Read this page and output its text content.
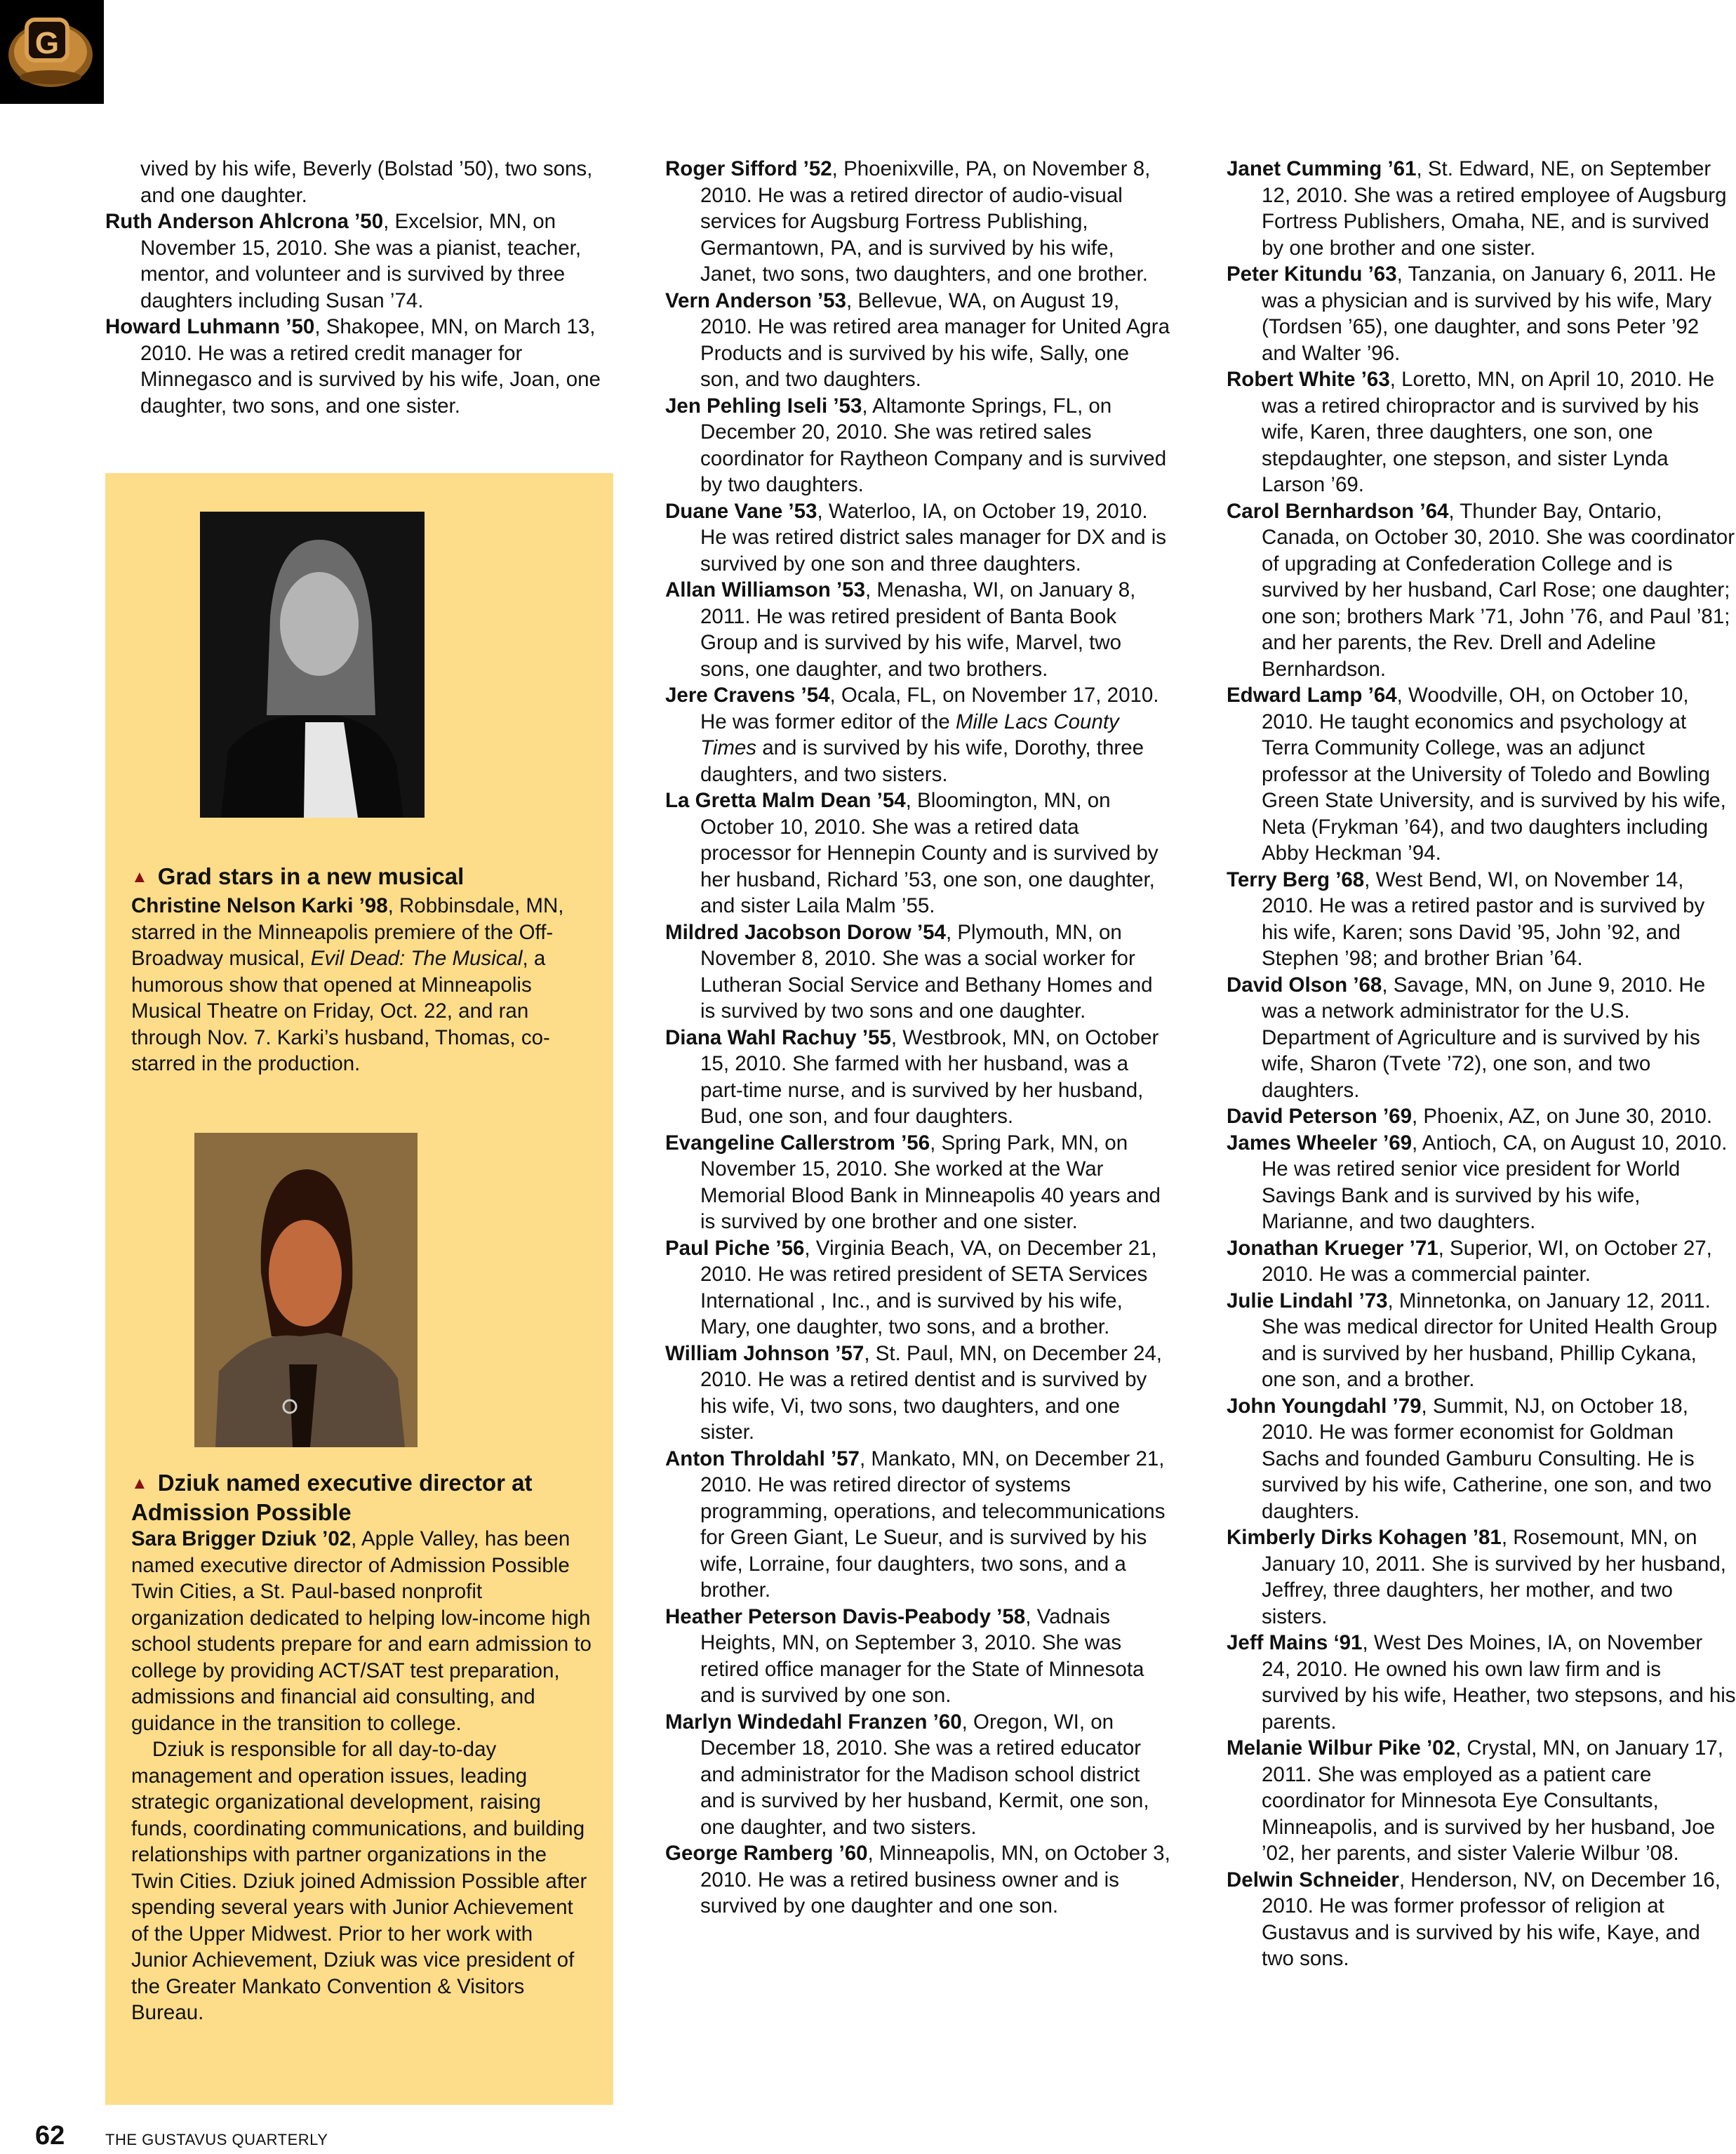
G

vived by his wife, Beverly (Bolstad ’50), two sons, and one daughter.

Ruth Anderson Ahlcrona ’50, Excelsior, MN, on November 15, 2010. She was a pianist, teacher, mentor, and volunteer and is survived by three daughters including Susan ’74.

Howard Luhmann ’50, Shakopee, MN, on March 13, 2010. He was a retired credit manager for Minnegasco and is survived by his wife, Joan, one daughter, two sons, and one sister.

▲ Grad stars in a new musical

Christine Nelson Karki ’98, Robbinsdale, MN, starred in the Minneapolis premiere of the Off-Broadway musical, Evil Dead: The Musical, a humorous show that opened at Minneapolis Musical Theatre on Friday, Oct. 22, and ran through Nov. 7. Karki’s husband, Thomas, co-starred in the production.

▲ Dziuk named executive director at Admission Possible

Sara Brigger Dziuk ’02, Apple Valley, has been named executive director of Admission Possible Twin Cities, a St. Paul-based nonprofit organization dedicated to helping low-income high school students prepare for and earn admission to college by providing ACT/SAT test preparation, admissions and financial aid consulting, and guidance in the transition to college.

Dziuk is responsible for all day-to-day management and operation issues, leading strategic organizational development, raising funds, coordinating communications, and building relationships with partner organizations in the Twin Cities. Dziuk joined Admission Possible after spending several years with Junior Achievement of the Upper Midwest. Prior to her work with Junior Achievement, Dziuk was vice president of the Greater Mankato Convention & Visitors Bureau.

Roger Sifford ’52, Phoenixville, PA, on November 8, 2010. He was a retired director of audio-visual services for Augsburg Fortress Publishing, Germantown, PA, and is survived by his wife, Janet, two sons, two daughters, and one brother.

Vern Anderson ’53, Bellevue, WA, on August 19, 2010. He was retired area manager for United Agra Products and is survived by his wife, Sally, one son, and two daughters.

Jen Pehling Iseli ’53, Altamonte Springs, FL, on December 20, 2010. She was retired sales coordinator for Raytheon Company and is survived by two daughters.

Duane Vane ’53, Waterloo, IA, on October 19, 2010. He was retired district sales manager for DX and is survived by one son and three daughters.

Allan Williamson ’53, Menasha, WI, on January 8, 2011. He was retired president of Banta Book Group and is survived by his wife, Marvel, two sons, one daughter, and two brothers.

Jere Cravens ’54, Ocala, FL, on November 17, 2010. He was former editor of the Mille Lacs County Times and is survived by his wife, Dorothy, three daughters, and two sisters.

La Gretta Malm Dean ’54, Bloomington, MN, on October 10, 2010. She was a retired data processor for Hennepin County and is survived by her husband, Richard ’53, one son, one daughter, and sister Laila Malm ’55.

Mildred Jacobson Dorow ’54, Plymouth, MN, on November 8, 2010. She was a social worker for Lutheran Social Service and Bethany Homes and is survived by two sons and one daughter.

Diana Wahl Rachuy ’55, Westbrook, MN, on October 15, 2010. She farmed with her husband, was a part-time nurse, and is survived by her husband, Bud, one son, and four daughters.

Evangeline Callerstrom ’56, Spring Park, MN, on November 15, 2010. She worked at the War Memorial Blood Bank in Minneapolis 40 years and is survived by one brother and one sister.

Paul Piche ’56, Virginia Beach, VA, on December 21, 2010. He was retired president of SETA Services International , Inc., and is survived by his wife, Mary, one daughter, two sons, and a brother.

William Johnson ’57, St. Paul, MN, on December 24, 2010. He was a retired dentist and is survived by his wife, Vi, two sons, two daughters, and one sister.

Anton Throldahl ’57, Mankato, MN, on December 21, 2010. He was retired director of systems programming, operations, and telecommunications for Green Giant, Le Sueur, and is survived by his wife, Lorraine, four daughters, two sons, and a brother.

Heather Peterson Davis-Peabody ’58, Vadnais Heights, MN, on September 3, 2010. She was retired office manager for the State of Minnesota and is survived by one son.

Marlyn Windedahl Franzen ’60, Oregon, WI, on December 18, 2010. She was a retired educator and administrator for the Madison school district and is survived by her husband, Kermit, one son, one daughter, and two sisters.

George Ramberg ’60, Minneapolis, MN, on October 3, 2010. He was a retired business owner and is survived by one daughter and one son.

Janet Cumming ’61, St. Edward, NE, on September 12, 2010. She was a retired employee of Augsburg Fortress Publishers, Omaha, NE, and is survived by one brother and one sister.

Peter Kitundu ’63, Tanzania, on January 6, 2011. He was a physician and is survived by his wife, Mary (Tordsen ’65), one daughter, and sons Peter ’92 and Walter ’96.

Robert White ’63, Loretto, MN, on April 10, 2010. He was a retired chiropractor and is survived by his wife, Karen, three daughters, one son, one stepdaughter, one stepson, and sister Lynda Larson ’69.

Carol Bernhardson ’64, Thunder Bay, Ontario, Canada, on October 30, 2010. She was coordinator of upgrading at Confederation College and is survived by her husband, Carl Rose; one daughter; one son; brothers Mark ’71, John ’76, and Paul ’81; and her parents, the Rev. Drell and Adeline Bernhardson.

Edward Lamp ’64, Woodville, OH, on October 10, 2010. He taught economics and psychology at Terra Community College, was an adjunct professor at the University of Toledo and Bowling Green State University, and is survived by his wife, Neta (Frykman ’64), and two daughters including Abby Heckman ’94.

Terry Berg ’68, West Bend, WI, on November 14, 2010. He was a retired pastor and is survived by his wife, Karen; sons David ’95, John ’92, and Stephen ’98; and brother Brian ’64.

David Olson ’68, Savage, MN, on June 9, 2010. He was a network administrator for the U.S. Department of Agriculture and is survived by his wife, Sharon (Tvete ’72), one son, and two daughters.

David Peterson ’69, Phoenix, AZ, on June 30, 2010.

James Wheeler ’69, Antioch, CA, on August 10, 2010. He was retired senior vice president for World Savings Bank and is survived by his wife, Marianne, and two daughters.

Jonathan Krueger ’71, Superior, WI, on October 27, 2010. He was a commercial painter.

Julie Lindahl ’73, Minnetonka, on January 12, 2011. She was medical director for United Health Group and is survived by her husband, Phillip Cykana, one son, and a brother.

John Youngdahl ’79, Summit, NJ, on October 18, 2010. He was former economist for Goldman Sachs and founded Gamburu Consulting. He is survived by his wife, Catherine, one son, and two daughters.

Kimberly Dirks Kohagen ’81, Rosemount, MN, on January 10, 2011. She is survived by her husband, Jeffrey, three daughters, her mother, and two sisters.

Jeff Mains ‘91, West Des Moines, IA, on November 24, 2010. He owned his own law firm and is survived by his wife, Heather, two stepsons, and his parents.

Melanie Wilbur Pike ’02, Crystal, MN, on January 17, 2011. She was employed as a patient care coordinator for Minnesota Eye Consultants, Minneapolis, and is survived by her husband, Joe ’02, her parents, and sister Valerie Wilbur ’08.

Delwin Schneider, Henderson, NV, on December 16, 2010. He was former professor of religion at Gustavus and is survived by his wife, Kaye, and two sons.

62	THE GUSTAVUS QUARTERLY
